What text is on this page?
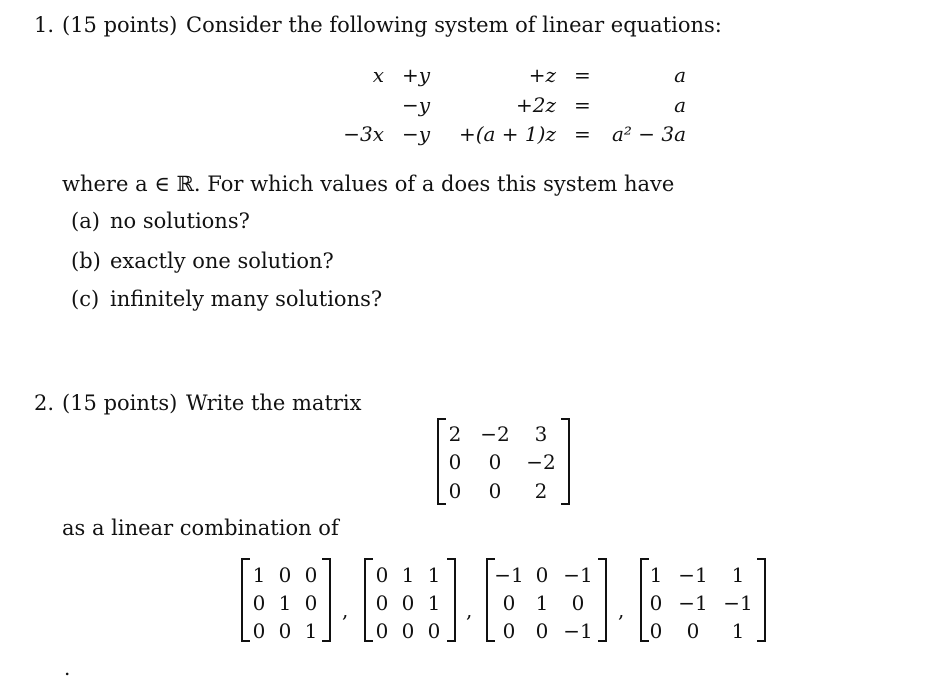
1. (15 points) Consider the following system of linear equations:
x +y	+z =	a
−y	+2z =	a
−3x −y	+(a + 1)z =	a² − 3a
where a ∈ ℝ. For which values of a does this system have
(a) no solutions?
(b) exactly one solution?
(c) infinitely many solutions?
2. (15 points) Write the matrix
2 −2	3
0	0	−2
0	0	2
as a linear combination of
1 0 0
0 1 0
0 0 1
,
0 1 1
0 0 1
0 0 0
,
−1 0 −1
0	1	0
0	0 −1
,
1 −1	1
0 −1 −1
0	0	1
.
